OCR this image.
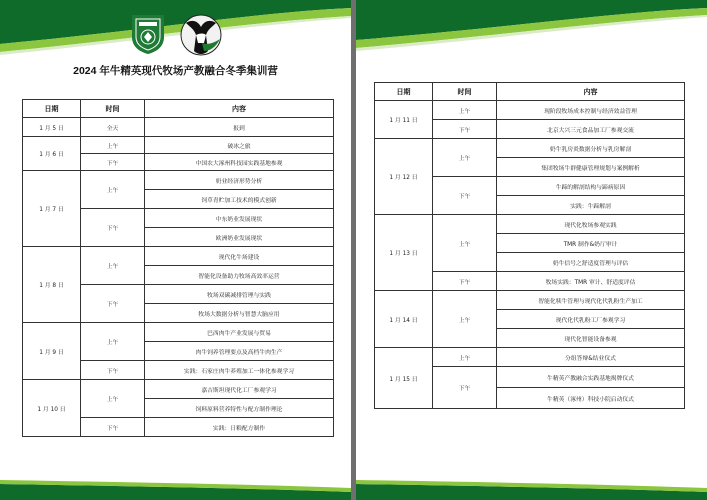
2024 年牛精英现代牧场产教融合冬季集训营
日期	时间	内容
1 月 5 日	全天	报到
1 月 6 日	上午	破冰之旅
	下午	中国农大涿州科技园实践基地参观
1 月 7 日	上午	奶业经济形势分析
		饲草青贮加工技术的模式创新
	下午	中东奶业发展现状
		欧洲奶业发展现状
1 月 8 日	上午	现代化牛场建设
		智能化设备助力牧场高效率运营
	下午	牧场双碳减排管理与实践
		牧场大数据分析与智慧大脑应用
1 月 9 日	上午	巴西肉牛产业发展与贸易
		肉牛饲养管理要点及高档牛肉生产
	下午	实践：石家庄肉牛养殖加工一体化参观学习
1 月 10 日	上午	嘉吉斯坦现代化工厂参观学习
		饲料原料营养特性与配方制作理论
	下午	实践：日粮配方制作
日期	时间	内容
1 月 11 日	上午	现阶段牧场成本控制与经济效益管理
	下午	北京大兴三元食品加工厂参观交流
1 月 12 日	上午	奶牛乳房炎数据分析与乳房解剖
		集团牧场牛群健康管理规划与案例解析
	下午	牛蹄的解剖结构与蹄病原因
		实践：牛蹄解剖
1 月 13 日	上午	现代化牧场参观实践
		TMR 制作&奶厅审计
		奶牛信号之舒适度管理与评估
	下午	牧场实践：TMR 审计、舒适度评估
1 月 14 日	上午	智能化犊牛管理与现代化代乳粉生产加工
		现代化代乳粉工厂参观学习
		现代化智能设备参观
1 月 15 日	上午	分组答辩&结业仪式
	下午	牛精英产教融合实践基地揭牌仪式
		牛精英（涿州）科技小院启动仪式
